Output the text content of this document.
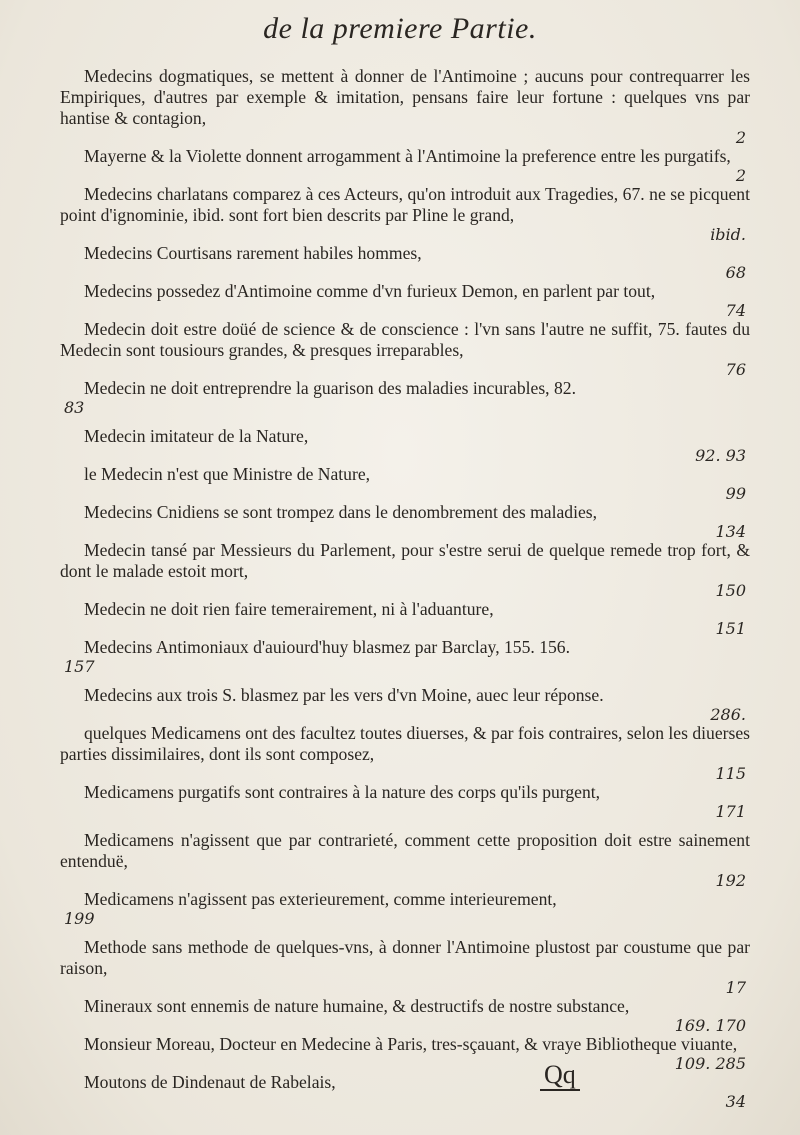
de la premiere Partie.

Medecins dogmatiques, se mettent à donner de l'Antimoine ; aucuns pour contrequarrer les Empiriques, d'autres par exemple & imitation, pensans faire leur fortune : quelques vns par hantise & contagion,

2

Mayerne & la Violette donnent arrogamment à l'Antimoine la preference entre les purgatifs,

2

Medecins charlatans comparez à ces Acteurs, qu'on introduit aux Tragedies, 67. ne se picquent point d'ignominie, ibid. sont fort bien descrits par Pline le grand,

ibid.

Medecins Courtisans rarement habiles hommes,

68

Medecins possedez d'Antimoine comme d'vn furieux Demon, en parlent par tout,

74

Medecin doit estre doüé de science & de conscience : l'vn sans l'autre ne suffit, 75. fautes du Medecin sont tousiours grandes, & presques irreparables,

76

Medecin ne doit entreprendre la guarison des maladies incurables, 82.

83

Medecin imitateur de la Nature,

92. 93

le Medecin n'est que Ministre de Nature,

99

Medecins Cnidiens se sont trompez dans le denombrement des maladies,

134

Medecin tansé par Messieurs du Parlement, pour s'estre serui de quelque remede trop fort, & dont le malade estoit mort,

150

Medecin ne doit rien faire temerairement, ni à l'aduanture,

151

Medecins Antimoniaux d'auiourd'huy blasmez par Barclay, 155. 156.

157

Medecins aux trois S. blasmez par les vers d'vn Moine, auec leur réponse.

286.

quelques Medicamens ont des facultez toutes diuerses, & par fois contraires, selon les diuerses parties dissimilaires, dont ils sont composez,

115

Medicamens purgatifs sont contraires à la nature des corps qu'ils purgent,

171

Medicamens n'agissent que par contrarieté, comment cette proposition doit estre sainement entenduë,

192

Medicamens n'agissent pas exterieurement, comme interieurement,

199

Methode sans methode de quelques-vns, à donner l'Antimoine plustost par coustume que par raison,

17

Mineraux sont ennemis de nature humaine, & destructifs de nostre substance,

169. 170

Monsieur Moreau, Docteur en Medecine à Paris, tres-sçauant, & vraye Bibliotheque viuante,

109. 285

Moutons de Dindenaut de Rabelais,

34
Qq
